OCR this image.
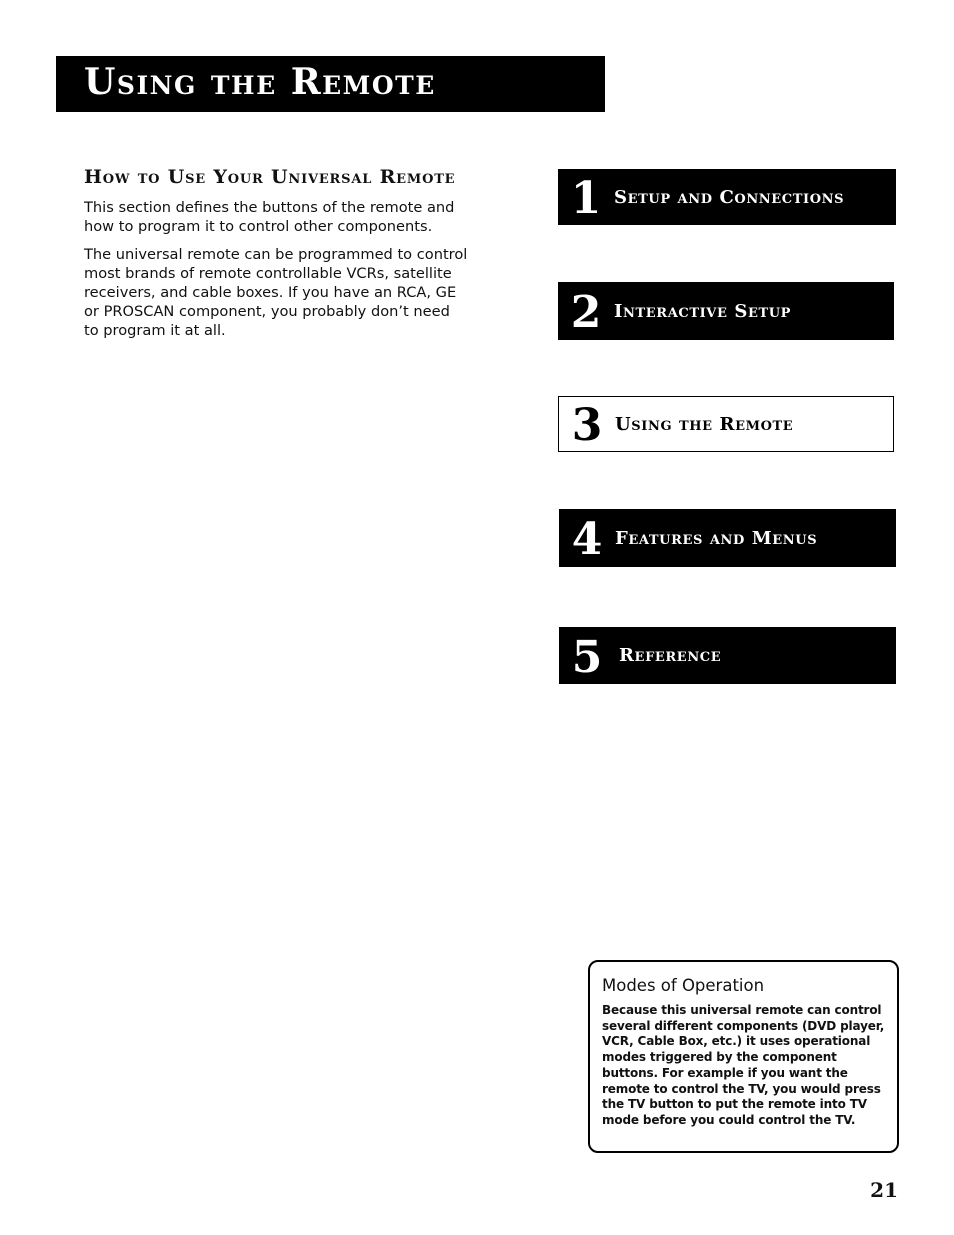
Using the Remote
How to Use Your Universal Remote

This section defines the buttons of the remote and
how to program it to control other components.

The universal remote can be programmed to control
most brands of remote controllable VCRs, satellite
receivers, and cable boxes. If you have an RCA, GE
or PROSCAN component, you probably don’t need
to program it at all.

1 Setup and Connections
2 Interactive Setup
3 Using the Remote
4 Features and Menus
5 Reference
Modes of Operation

Because this universal remote can control
several different components (DVD player,
VCR, Cable Box, etc.) it uses operational
modes triggered by the component
buttons. For example if you want the
remote to control the TV, you would press
the TV button to put the remote into TV
mode before you could control the TV.

21
